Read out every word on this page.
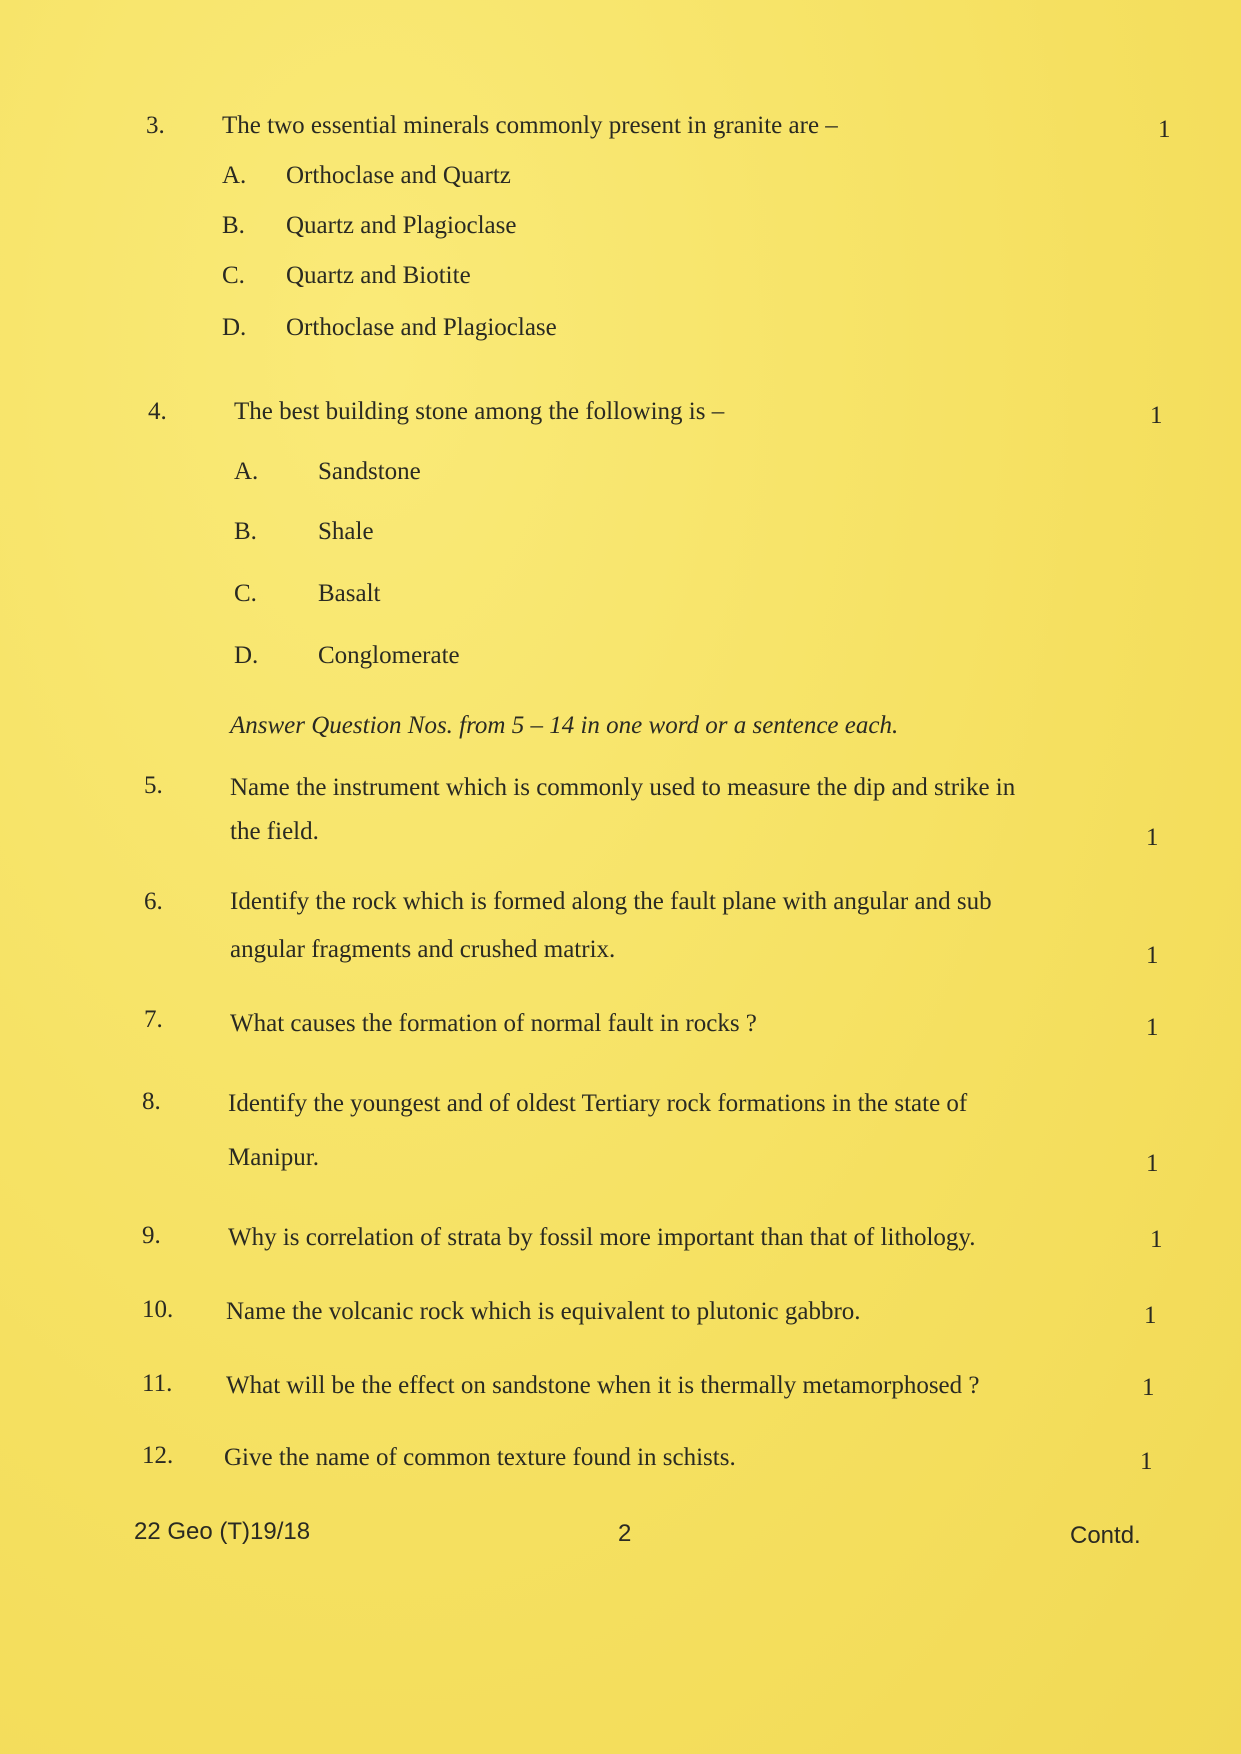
3. The two essential minerals commonly present in granite are –	1
A. Orthoclase and Quartz
B. Quartz and Plagioclase
C. Quartz and Biotite
D. Orthoclase and Plagioclase
4.	The best building stone among the following is –	1
A. Sandstone
B. Shale
C. Basalt
D. Conglomerate
Answer Question Nos. from 5 – 14 in one word or a sentence each.
5.	Name the instrument which is commonly used to measure the dip and strike in
the field.	1
6.	Identify the rock which is formed along the fault plane with angular and sub
angular fragments and crushed matrix.	1
7.	What causes the formation of normal fault in rocks ?	1
8.	Identify the youngest and of oldest Tertiary rock formations in the state of
Manipur.	1
9.	Why is correlation of strata by fossil more important than that of lithology.	1
10. Name the volcanic rock which is equivalent to plutonic gabbro.	1
11. What will be the effect on sandstone when it is thermally metamorphosed ?	1
12. Give the name of common texture found in schists.	1
22 Geo (T)19/18	2	Contd.
